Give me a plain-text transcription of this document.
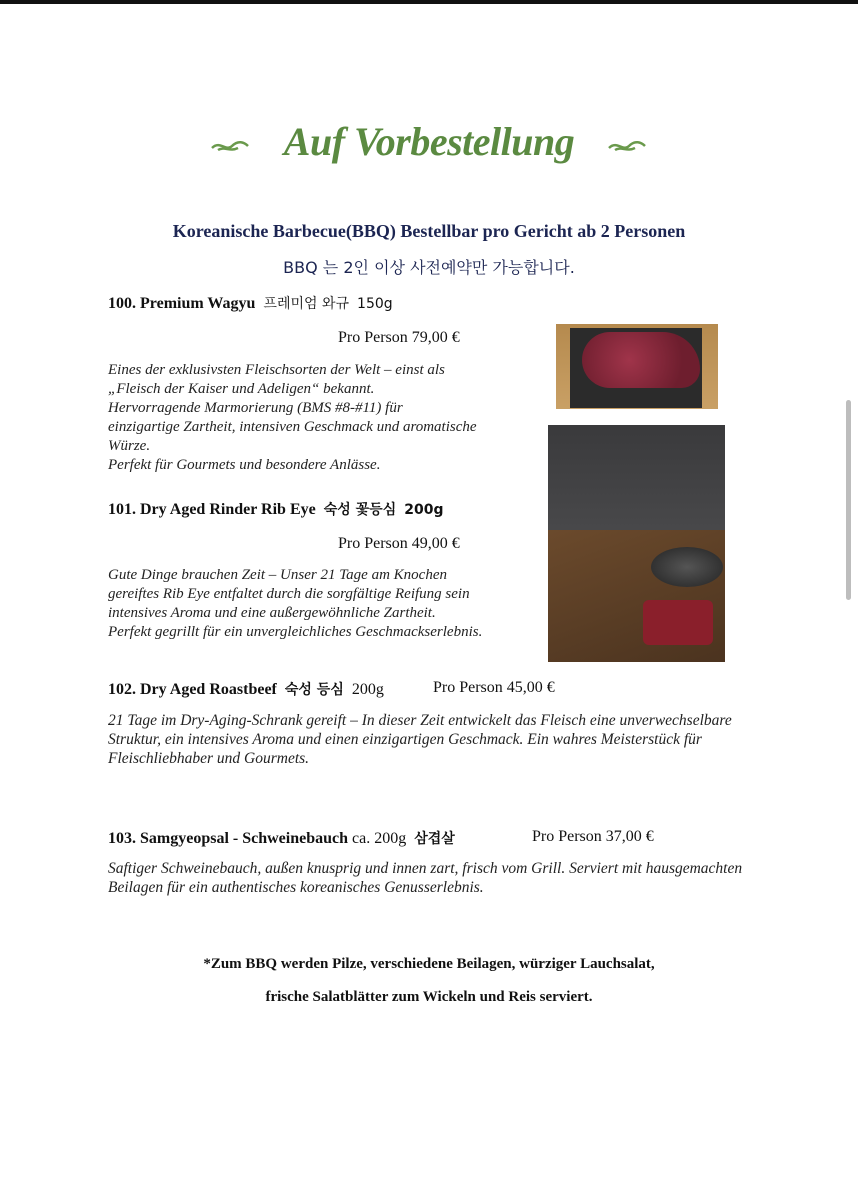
Auf Vorbestellung
Koreanische Barbecue(BBQ) Bestellbar pro Gericht ab 2 Personen
BBQ 는 2인 이상 사전예약만 가능합니다.
100. Premium Wagyu 프레미엄 와규 150g
Pro Person 79,00 €
Eines der exklusivsten Fleischsorten der Welt – einst als
„Fleisch der Kaiser und Adeligen“ bekannt.
Hervorragende Marmorierung (BMS #8-#11) für
einzigartige Zartheit, intensiven Geschmack und aromatische
Würze.
Perfekt für Gourmets und besondere Anlässe.
101. Dry Aged Rinder Rib Eye 숙성 꽃등심 200g
Pro Person 49,00 €
Gute Dinge brauchen Zeit – Unser 21 Tage am Knochen
gereiftes Rib Eye entfaltet durch die sorgfältige Reifung sein
intensives Aroma und eine außergewöhnliche Zartheit.
Perfekt gegrillt für ein unvergleichliches Geschmackserlebnis.
102. Dry Aged Roastbeef 숙성 등심 200g	Pro Person 45,00 €
21 Tage im Dry-Aging-Schrank gereift – In dieser Zeit entwickelt das Fleisch eine unverwechselbare
Struktur, ein intensives Aroma und einen einzigartigen Geschmack. Ein wahres Meisterstück für
Fleischliebhaber und Gourmets.
103. Samgyeopsal - Schweinebauch ca. 200g 삼겹살	Pro Person 37,00 €
Saftiger Schweinebauch, außen knusprig und innen zart, frisch vom Grill. Serviert mit hausgemachten
Beilagen für ein authentisches koreanisches Genusserlebnis.
*Zum BBQ werden Pilze, verschiedene Beilagen, würziger Lauchsalat,
frische Salatblätter zum Wickeln und Reis serviert.
